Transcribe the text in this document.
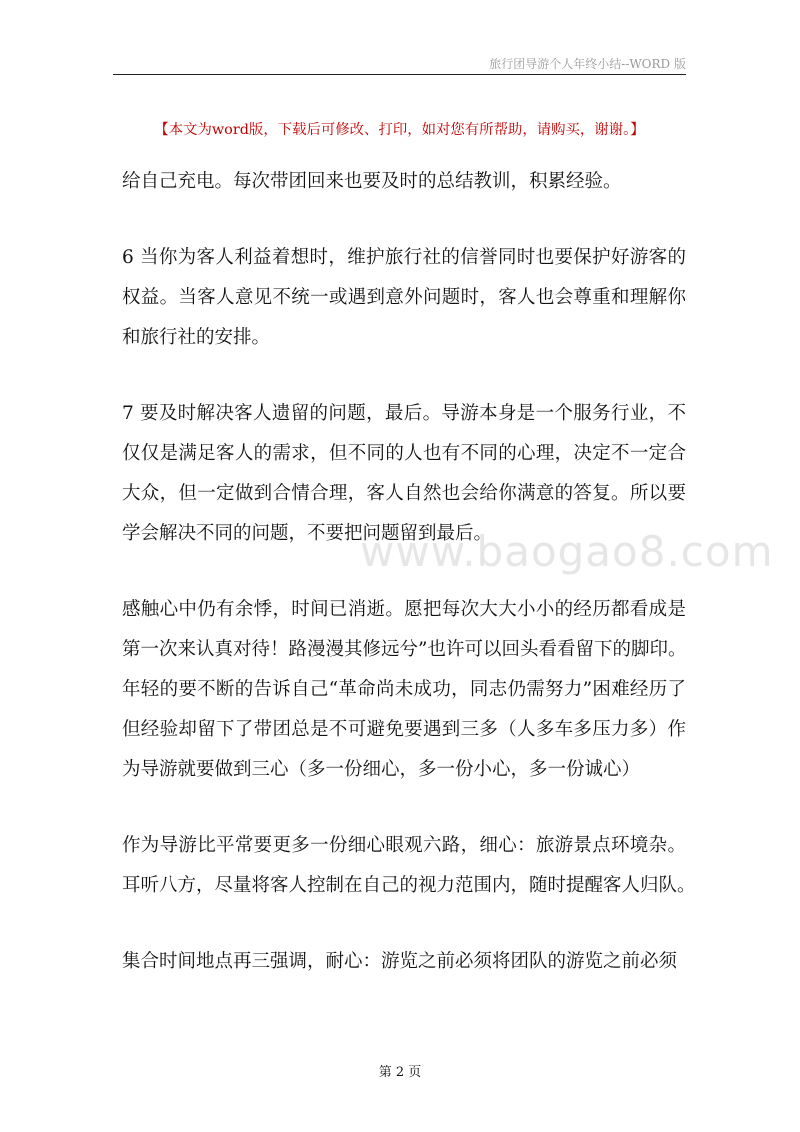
旅行团导游个人年终小结--WORD 版
【本文为word版，下载后可修改、打印，如对您有所帮助，请购买，谢谢。】
www.baogao8.com
给自己充电。每次带团回来也要及时的总结教训，积累经验。
6 当你为客人利益着想时，维护旅行社的信誉同时也要保护好游客的
权益。当客人意见不统一或遇到意外问题时，客人也会尊重和理解你
和旅行社的安排。
7 要及时解决客人遗留的问题，最后。导游本身是一个服务行业，不
仅仅是满足客人的需求，但不同的人也有不同的心理，决定不一定合
大众，但一定做到合情合理，客人自然也会给你满意的答复。所以要
学会解决不同的问题，不要把问题留到最后。
感触心中仍有余悸，时间已消逝。愿把每次大大小小的经历都看成是
第一次来认真对待！路漫漫其修远兮”也许可以回头看看留下的脚印。
年轻的要不断的告诉自己“革命尚未成功，同志仍需努力”困难经历了
但经验却留下了带团总是不可避免要遇到三多（人多车多压力多）作
为导游就要做到三心（多一份细心，多一份小心，多一份诚心）
作为导游比平常要更多一份细心眼观六路，细心：旅游景点环境杂。
耳听八方，尽量将客人控制在自己的视力范围内，随时提醒客人归队。
集合时间地点再三强调，耐心：游览之前必须将团队的游览之前必须
第 2 页
